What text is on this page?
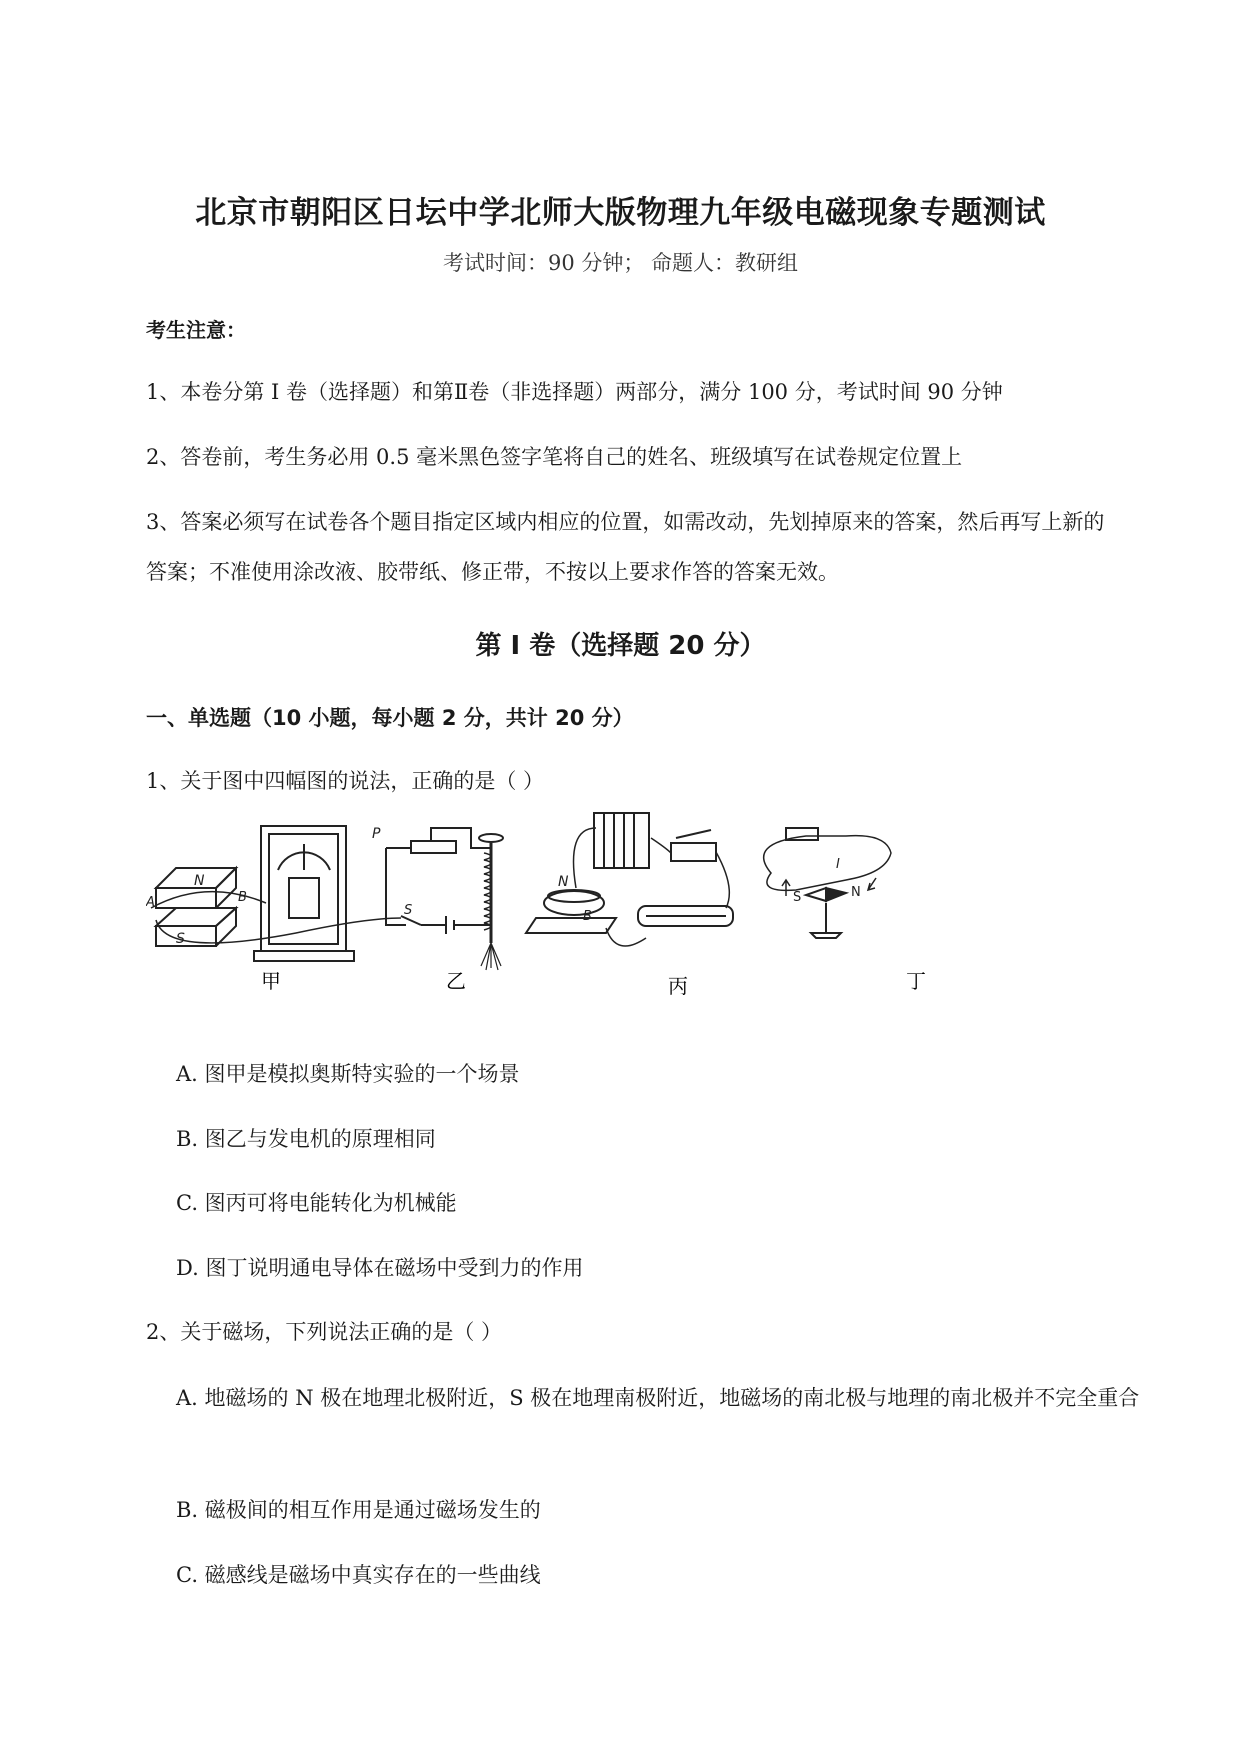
北京市朝阳区日坛中学北师大版物理九年级电磁现象专题测试
考试时间：90 分钟； 命题人：教研组
考生注意：
1、本卷分第 I 卷（选择题）和第Ⅱ卷（非选择题）两部分，满分 100 分，考试时间 90 分钟
2、答卷前，考生务必用 0.5 毫米黑色签字笔将自己的姓名、班级填写在试卷规定位置上
3、答案必须写在试卷各个题目指定区域内相应的位置，如需改动，先划掉原来的答案，然后再写上新的答案；不准使用涂改液、胶带纸、修正带，不按以上要求作答的答案无效。
第 I 卷（选择题 20 分）
一、单选题（10 小题，每小题 2 分，共计 20 分）
1、关于图中四幅图的说法，正确的是（ ）
N
S
A	B
P
S
N
B
S	N
I
甲	乙	丙	丁
A. 图甲是模拟奥斯特实验的一个场景
B. 图乙与发电机的原理相同
C. 图丙可将电能转化为机械能
D. 图丁说明通电导体在磁场中受到力的作用
2、关于磁场，下列说法正确的是（ ）
A. 地磁场的 N 极在地理北极附近，S 极在地理南极附近，地磁场的南北极与地理的南北极并不完全重合
B. 磁极间的相互作用是通过磁场发生的
C. 磁感线是磁场中真实存在的一些曲线
